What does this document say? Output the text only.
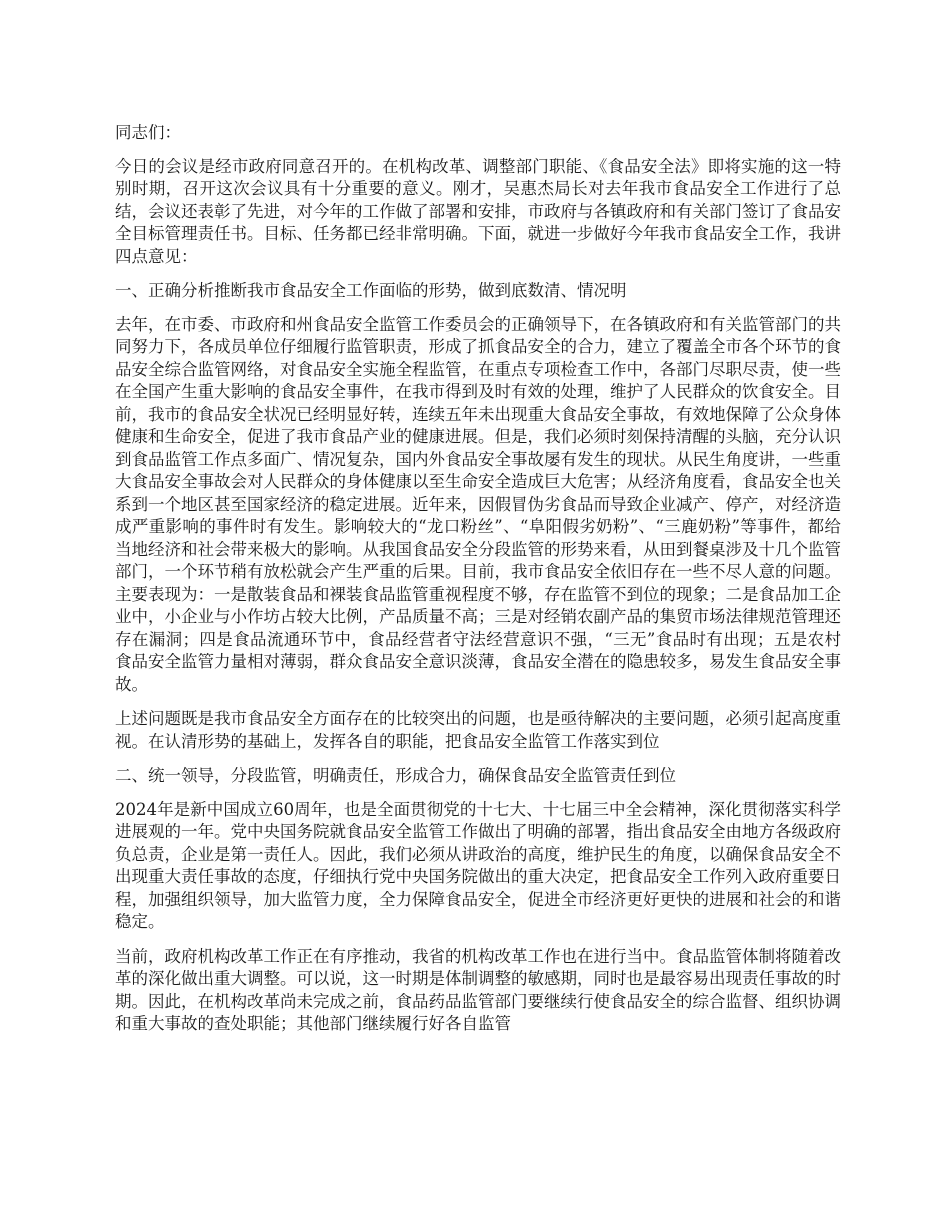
同志们：

今日的会议是经市政府同意召开的。在机构改革、调整部门职能、《食品安全法》即将实施的这一特别时期，召开这次会议具有十分重要的意义。刚才，吴惠杰局长对去年我市食品安全工作进行了总结，会议还表彰了先进，对今年的工作做了部署和安排，市政府与各镇政府和有关部门签订了食品安全目标管理责任书。目标、任务都已经非常明确。下面，就进一步做好今年我市食品安全工作，我讲四点意见：

一、正确分析推断我市食品安全工作面临的形势，做到底数清、情况明

去年，在市委、市政府和州食品安全监管工作委员会的正确领导下，在各镇政府和有关监管部门的共同努力下，各成员单位仔细履行监管职责，形成了抓食品安全的合力，建立了覆盖全市各个环节的食品安全综合监管网络，对食品安全实施全程监管，在重点专项检查工作中，各部门尽职尽责，使一些在全国产生重大影响的食品安全事件，在我市得到及时有效的处理，维护了人民群众的饮食安全。目前，我市的食品安全状况已经明显好转，连续五年未出现重大食品安全事故，有效地保障了公众身体健康和生命安全，促进了我市食品产业的健康进展。但是，我们必须时刻保持清醒的头脑，充分认识到食品监管工作点多面广、情况复杂，国内外食品安全事故屡有发生的现状。从民生角度讲，一些重大食品安全事故会对人民群众的身体健康以至生命安全造成巨大危害；从经济角度看，食品安全也关系到一个地区甚至国家经济的稳定进展。近年来，因假冒伪劣食品而导致企业减产、停产，对经济造成严重影响的事件时有发生。影响较大的“龙口粉丝”、“阜阳假劣奶粉”、“三鹿奶粉”等事件，都给当地经济和社会带来极大的影响。从我国食品安全分段监管的形势来看，从田到餐桌涉及十几个监管部门，一个环节稍有放松就会产生严重的后果。目前，我市食品安全依旧存在一些不尽人意的问题。主要表现为：一是散装食品和裸装食品监管重视程度不够，存在监管不到位的现象；二是食品加工企业中，小企业与小作坊占较大比例，产品质量不高；三是对经销农副产品的集贸市场法律规范管理还存在漏洞；四是食品流通环节中，食品经营者守法经营意识不强，“三无”食品时有出现；五是农村食品安全监管力量相对薄弱，群众食品安全意识淡薄，食品安全潜在的隐患较多，易发生食品安全事故。

上述问题既是我市食品安全方面存在的比较突出的问题，也是亟待解决的主要问题，必须引起高度重视。在认清形势的基础上，发挥各自的职能，把食品安全监管工作落实到位

二、统一领导，分段监管，明确责任，形成合力，确保食品安全监管责任到位

2024年是新中国成立60周年，也是全面贯彻党的十七大、十七届三中全会精神，深化贯彻落实科学进展观的一年。党中央国务院就食品安全监管工作做出了明确的部署，指出食品安全由地方各级政府负总责，企业是第一责任人。因此，我们必须从讲政治的高度，维护民生的角度，以确保食品安全不出现重大责任事故的态度，仔细执行党中央国务院做出的重大决定，把食品安全工作列入政府重要日程，加强组织领导，加大监管力度，全力保障食品安全，促进全市经济更好更快的进展和社会的和谐稳定。

当前，政府机构改革工作正在有序推动，我省的机构改革工作也在进行当中。食品监管体制将随着改革的深化做出重大调整。可以说，这一时期是体制调整的敏感期，同时也是最容易出现责任事故的时期。因此，在机构改革尚未完成之前，食品药品监管部门要继续行使食品安全的综合监督、组织协调和重大事故的查处职能；其他部门继续履行好各自监管
